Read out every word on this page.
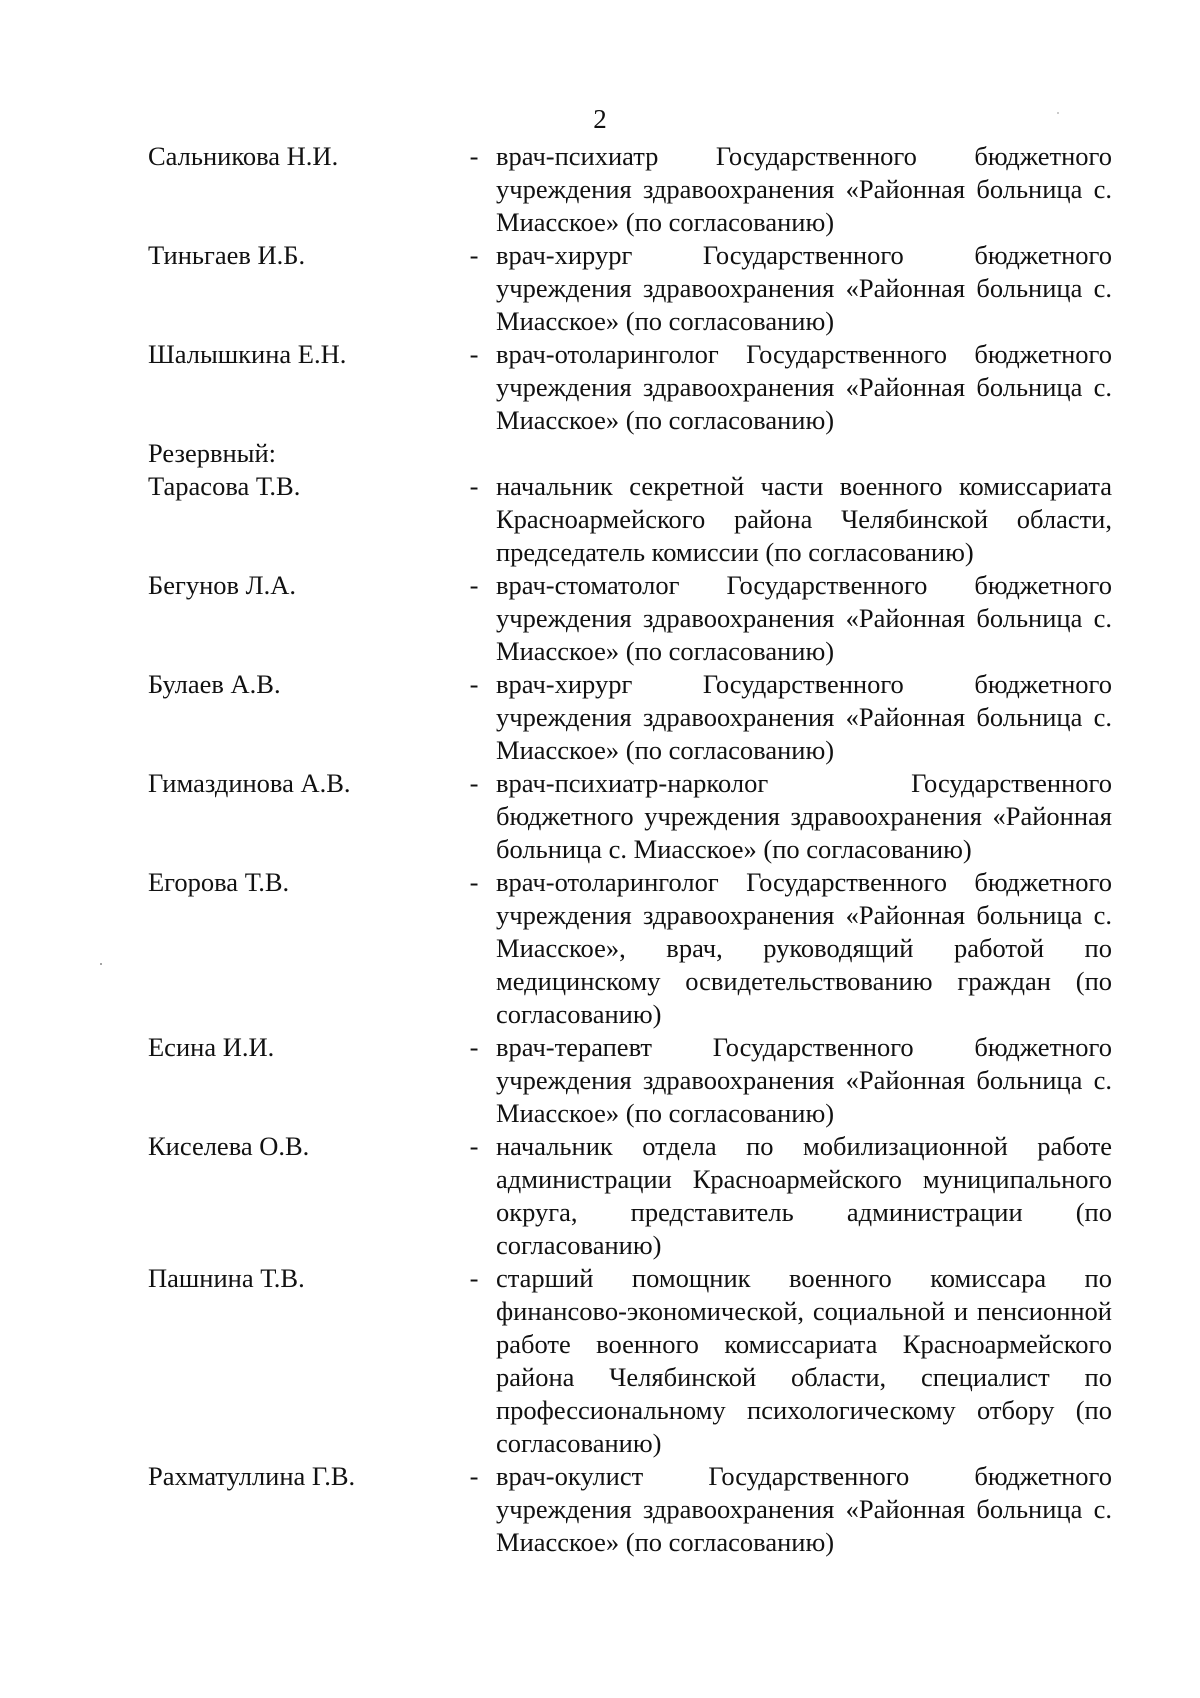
2
Сальникова Н.И.	- врач-психиатр Государственного бюджетного учреждения здравоохранения «Районная больница с. Миасское» (по согласованию)
Тиньгаев И.Б.	- врач-хирург Государственного бюджетного учреждения здравоохранения «Районная больница с. Миасское» (по согласованию)
Шалышкина Е.Н.	- врач-отоларинголог Государственного бюджетного учреждения здравоохранения «Районная больница с. Миасское» (по согласованию)
Резервный:
Тарасова Т.В.	- начальник секретной части военного комиссариата Красноармейского района Челябинской области, председатель комиссии (по согласованию)
Бегунов Л.А.	- врач-стоматолог Государственного бюджетного учреждения здравоохранения «Районная больница с. Миасское» (по согласованию)
Булаев А.В.	- врач-хирург Государственного бюджетного учреждения здравоохранения «Районная больница с. Миасское» (по согласованию)
Гимаздинова А.В.	- врач-психиатр-нарколог Государственного бюджетного учреждения здравоохранения «Районная больница с. Миасское» (по согласованию)
Егорова Т.В.	- врач-отоларинголог Государственного бюджетного учреждения здравоохранения «Районная больница с. Миасское», врач, руководящий работой по медицинскому освидетельствованию граждан (по согласованию)
Есина И.И.	- врач-терапевт Государственного бюджетного учреждения здравоохранения «Районная больница с. Миасское» (по согласованию)
Киселева О.В.	- начальник отдела по мобилизационной работе администрации Красноармейского муниципального округа, представитель администрации (по согласованию)
Пашнина Т.В.	- старший помощник военного комиссара по финансово-экономической, социальной и пенсионной работе военного комиссариата Красноармейского района Челябинской области, специалист по профессиональному психологическому отбору (по согласованию)
Рахматуллина Г.В.	- врач-окулист Государственного бюджетного учреждения здравоохранения «Районная больница с. Миасское» (по согласованию)
